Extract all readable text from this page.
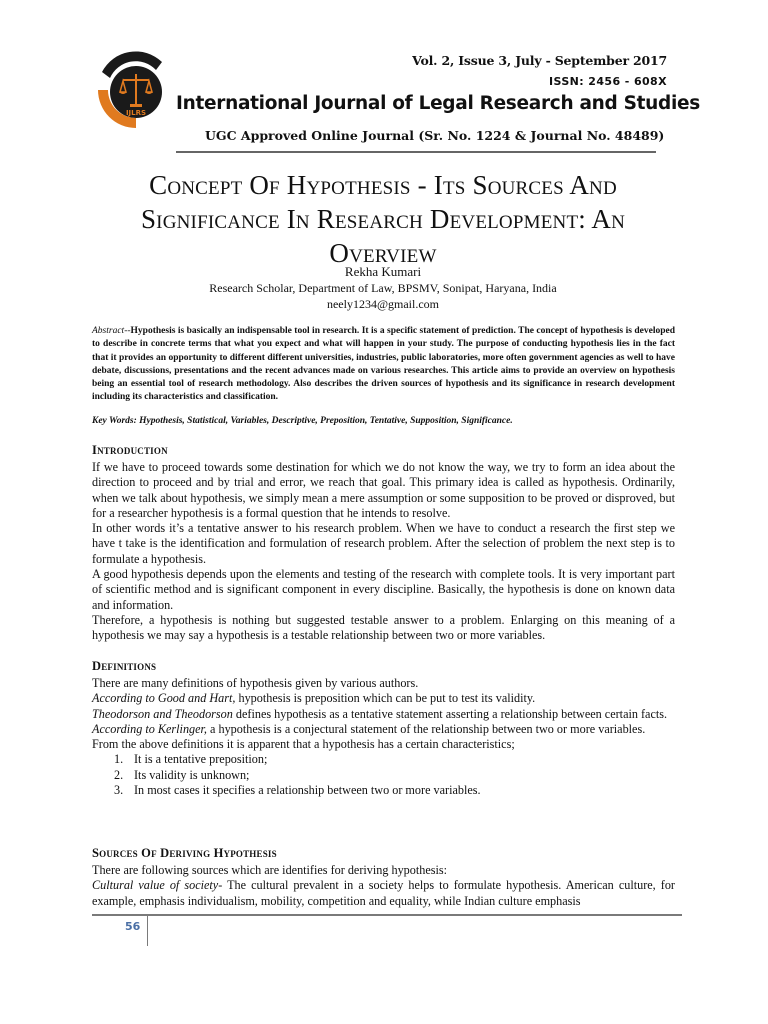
IJLRS
Vol. 2, Issue 3, July - September 2017
ISSN: 2456 - 608X
International Journal of Legal Research and Studies
UGC Approved Online Journal (Sr. No. 1224 & Journal No. 48489)
Concept Of Hypothesis - Its Sources And
Significance In Research Development: An
Overview
Rekha Kumari
Research Scholar, Department of Law, BPSMV, Sonipat, Haryana, India
neely1234@gmail.com
Abstract--Hypothesis is basically an indispensable tool in research. It is a specific statement of prediction. The concept of hypothesis is developed to describe in concrete terms that what you expect and what will happen in your study. The purpose of conducting hypothesis lies in the fact that it provides an opportunity to different different universities, industries, public laboratories, more often government agencies as well to have debate, discussions, presentations and the recent advances made on various researches. This article aims to provide an overview on hypothesis being an essential tool of research methodology. Also describes the driven sources of hypothesis and its significance in research development including its characteristics and classification.
Key Words: Hypothesis, Statistical, Variables, Descriptive, Preposition, Tentative, Supposition, Significance.
Introduction

If we have to proceed towards some destination for which we do not know the way, we try to form an idea about the direction to proceed and by trial and error, we reach that goal. This primary idea is called as hypothesis. Ordinarily, when we talk about hypothesis, we simply mean a mere assumption or some supposition to be proved or disproved, but for a researcher hypothesis is a formal question that he intends to resolve.

In other words it’s a tentative answer to his research problem. When we have to conduct a research the first step we have t take is the identification and formulation of research problem. After the selection of problem the next step is to formulate a hypothesis.

A good hypothesis depends upon the elements and testing of the research with complete tools. It is very important part of scientific method and is significant component in every discipline. Basically, the hypothesis is done on known data and information.

Therefore, a hypothesis is nothing but suggested testable answer to a problem. Enlarging on this meaning of a hypothesis we may say a hypothesis is a testable relationship between two or more variables.

Definitions

There are many definitions of hypothesis given by various authors.

According to Good and Hart, hypothesis is preposition which can be put to test its validity.

Theodorson and Theodorson defines hypothesis as a tentative statement asserting a relationship between certain facts.

According to Kerlinger, a hypothesis is a conjectural statement of the relationship between two or more variables.

From the above definitions it is apparent that a hypothesis has a certain characteristics;

1. It is a tentative preposition;
2. Its validity is unknown;
3. In most cases it specifies a relationship between two or more variables.
Sources Of Deriving Hypothesis

There are following sources which are identifies for deriving hypothesis:

Cultural value of society- The cultural prevalent in a society helps to formulate hypothesis. American culture, for example, emphasis individualism, mobility, competition and equality, while Indian culture emphasis

56
